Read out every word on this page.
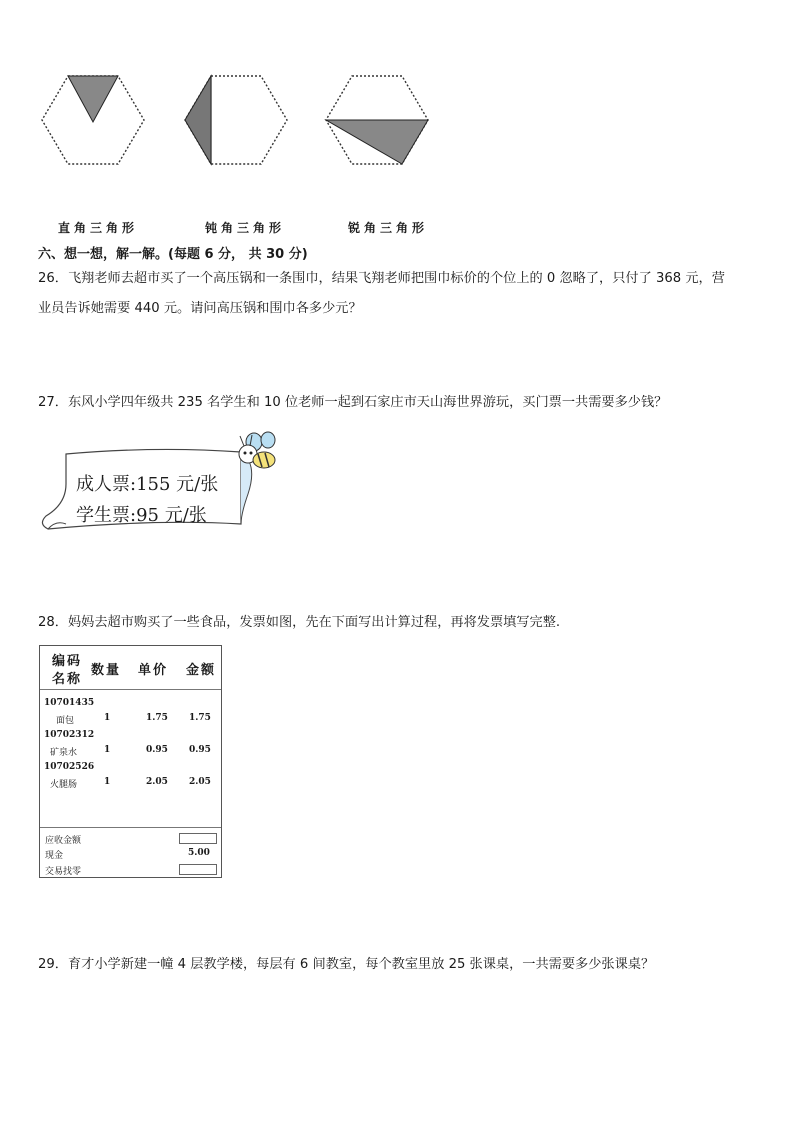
直角三角形	钝角三角形	锐角三角形
六、想一想，解一解。(每题 6 分， 共 30 分)
26．飞翔老师去超市买了一个高压锅和一条围巾，结果飞翔老师把围巾标价的个位上的 0 忽略了，只付了 368 元，营
业员告诉她需要 440 元。请问高压锅和围巾各多少元？
27．东风小学四年级共 235 名学生和 10 位老师一起到石家庄市天山海世界游玩，买门票一共需要多少钱？
成人票:155 元/张
学生票:95 元/张
28．妈妈去超市购买了一些食品，发票如图，先在下面写出计算过程，再将发票填写完整.
编码
名称
数量 单价 金额
10701435
面包	1	1.75 1.75
10702312
矿泉水	1	0.95 0.95
10702526
火腿肠	1	2.05 2.05
应收金额
现金	5.00
交易找零
29．育才小学新建一幢 4 层教学楼，每层有 6 间教室，每个教室里放 25 张课桌，一共需要多少张课桌？
